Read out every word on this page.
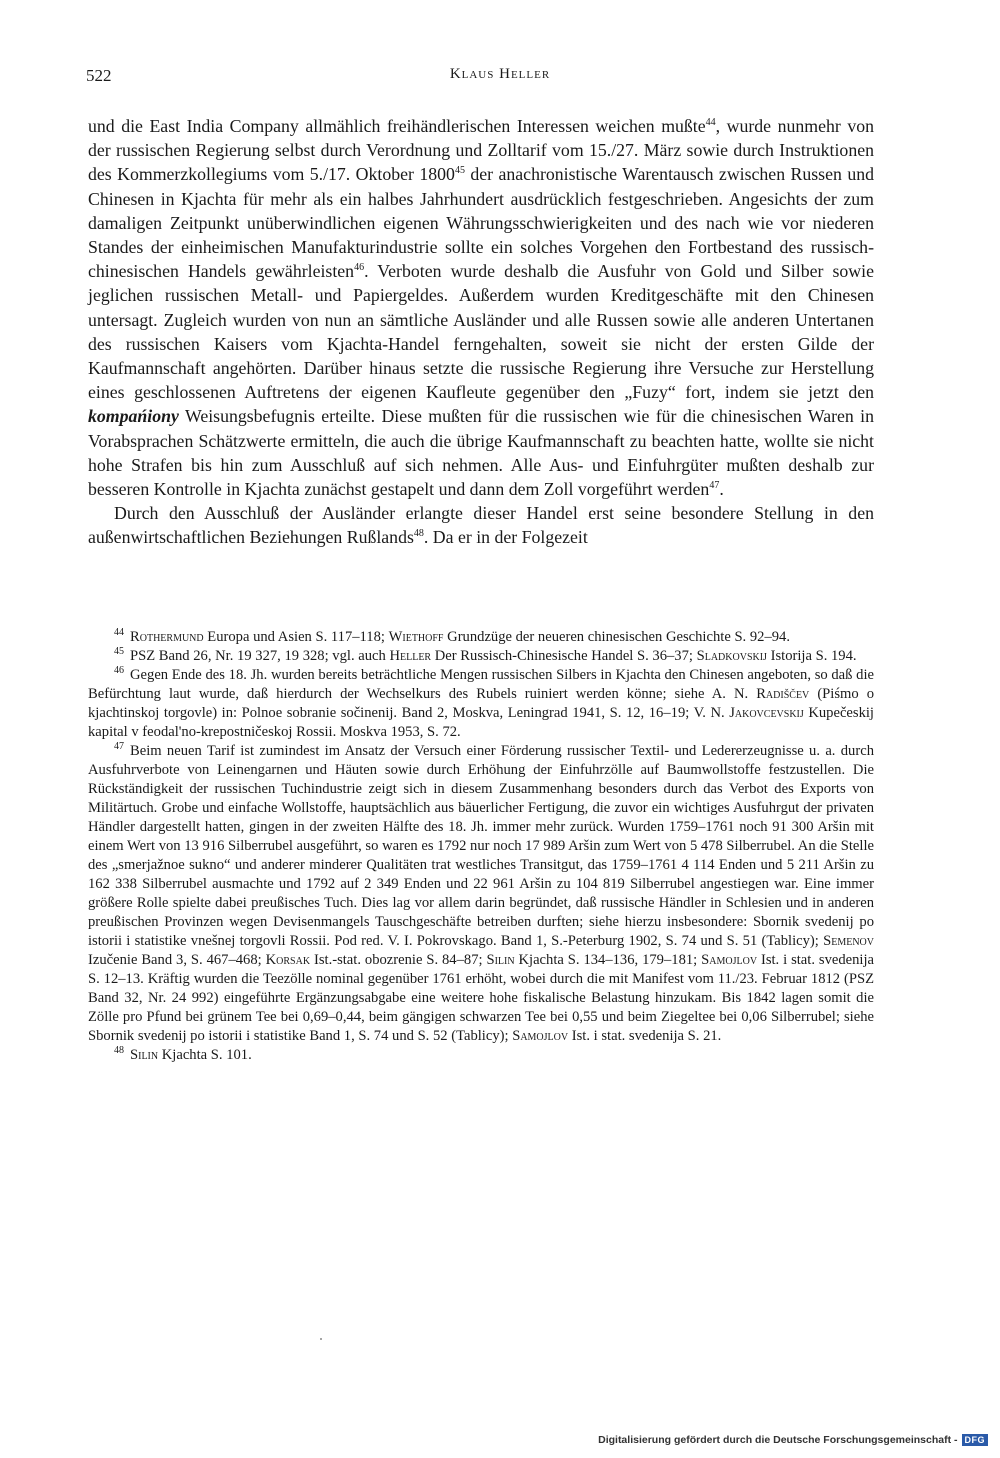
522	Klaus Heller

und die East India Company allmählich freihändlerischen Interessen weichen mußte$^{44}$, wurde nunmehr von der russischen Regierung selbst durch Verordnung und Zolltarif vom 15./27. März sowie durch Instruktionen des Kommerzkollegiums vom 5./17. Oktober 1800$^{45}$ der anachronistische Warentausch zwischen Russen und Chinesen in Kjachta für mehr als ein halbes Jahrhundert ausdrücklich festgeschrieben. Angesichts der zum damaligen Zeitpunkt unüberwindlichen eigenen Währungsschwierigkeiten und des nach wie vor niederen Standes der einheimischen Manufakturindustrie sollte ein solches Vorgehen den Fortbestand des russisch-chinesischen Handels gewährleisten$^{46}$. Verboten wurde deshalb die Ausfuhr von Gold und Silber sowie jeglichen russischen Metall- und Papiergeldes. Außerdem wurden Kreditgeschäfte mit den Chinesen untersagt. Zugleich wurden von nun an sämtliche Ausländer und alle Russen sowie alle anderen Untertanen des russischen Kaisers vom Kjachta-Handel ferngehalten, soweit sie nicht der ersten Gilde der Kaufmannschaft angehörten. Darüber hinaus setzte die russische Regierung ihre Versuche zur Herstellung eines geschlossenen Auftretens der eigenen Kaufleute gegenüber den „Fuzy“ fort, indem sie jetzt den kompańiony Weisungsbefugnis erteilte. Diese mußten für die russischen wie für die chinesischen Waren in Vorabsprachen Schätzwerte ermitteln, die auch die übrige Kaufmannschaft zu beachten hatte, wollte sie nicht hohe Strafen bis hin zum Ausschluß auf sich nehmen. Alle Aus- und Einfuhrgüter mußten deshalb zur besseren Kontrolle in Kjachta zunächst gestapelt und dann dem Zoll vorgeführt werden$^{47}$.

Durch den Ausschluß der Ausländer erlangte dieser Handel erst seine besondere Stellung in den außenwirtschaftlichen Beziehungen Rußlands$^{48}$. Da er in der Folgezeit

$^{44}$ Rothermund Europa und Asien S. 117–118; Wiethoff Grundzüge der neueren chinesischen Geschichte S. 92–94.

$^{45}$ PSZ Band 26, Nr. 19 327, 19 328; vgl. auch Heller Der Russisch-Chinesische Handel S. 36–37; Sladkovskij Istorija S. 194.

$^{46}$ Gegen Ende des 18. Jh. wurden bereits beträchtliche Mengen russischen Silbers in Kjachta den Chinesen angeboten, so daß die Befürchtung laut wurde, daß hierdurch der Wechselkurs des Rubels ruiniert werden könne; siehe A. N. Radiščev (Piśmo o kjachtinskoj torgovle) in: Polnoe sobranie sočinenij. Band 2, Moskva, Leningrad 1941, S. 12, 16–19; V. N. Jakovcevskij Kupečeskij kapital v feodal'no-krepostničeskoj Rossii. Moskva 1953, S. 72.

$^{47}$ Beim neuen Tarif ist zumindest im Ansatz der Versuch einer Förderung russischer Textil- und Ledererzeugnisse u. a. durch Ausfuhrverbote von Leinengarnen und Häuten sowie durch Erhöhung der Einfuhrzölle auf Baumwollstoffe festzustellen. Die Rückständigkeit der russischen Tuchindustrie zeigt sich in diesem Zusammenhang besonders durch das Verbot des Exports von Militärtuch. Grobe und einfache Wollstoffe, hauptsächlich aus bäuerlicher Fertigung, die zuvor ein wichtiges Ausfuhrgut der privaten Händler dargestellt hatten, gingen in der zweiten Hälfte des 18. Jh. immer mehr zurück. Wurden 1759–1761 noch 91 300 Aršin mit einem Wert von 13 916 Silberrubel ausgeführt, so waren es 1792 nur noch 17 989 Aršin zum Wert von 5 478 Silberrubel. An die Stelle des „smerjažnoe sukno“ und anderer minderer Qualitäten trat westliches Transitgut, das 1759–1761 4 114 Enden und 5 211 Aršin zu 162 338 Silberrubel ausmachte und 1792 auf 2 349 Enden und 22 961 Aršin zu 104 819 Silberrubel angestiegen war. Eine immer größere Rolle spielte dabei preußisches Tuch. Dies lag vor allem darin begründet, daß russische Händler in Schlesien und in anderen preußischen Provinzen wegen Devisenmangels Tauschgeschäfte betreiben durften; siehe hierzu insbesondere: Sbornik svedenij po istorii i statistike vnešnej torgovli Rossii. Pod red. V. I. Pokrovskago. Band 1, S.-Peterburg 1902, S. 74 und S. 51 (Tablicy); Semenov Izučenie Band 3, S. 467–468; Korsak Ist.-stat. obozrenie S. 84–87; Silin Kjachta S. 134–136, 179–181; Samojlov Ist. i stat. svedenija S. 12–13. Kräftig wurden die Teezölle nominal gegenüber 1761 erhöht, wobei durch die mit Manifest vom 11./23. Februar 1812 (PSZ Band 32, Nr. 24 992) eingeführte Ergänzungsabgabe eine weitere hohe fiskalische Belastung hinzukam. Bis 1842 lagen somit die Zölle pro Pfund bei grünem Tee bei 0,69–0,44, beim gängigen schwarzen Tee bei 0,55 und beim Ziegeltee bei 0,06 Silberrubel; siehe Sbornik svedenij po istorii i statistike Band 1, S. 74 und S. 52 (Tablicy); Samojlov Ist. i stat. svedenija S. 21.

$^{48}$ Silin Kjachta S. 101.

Digitalisierung gefördert durch die Deutsche Forschungsgemeinschaft - DFG
